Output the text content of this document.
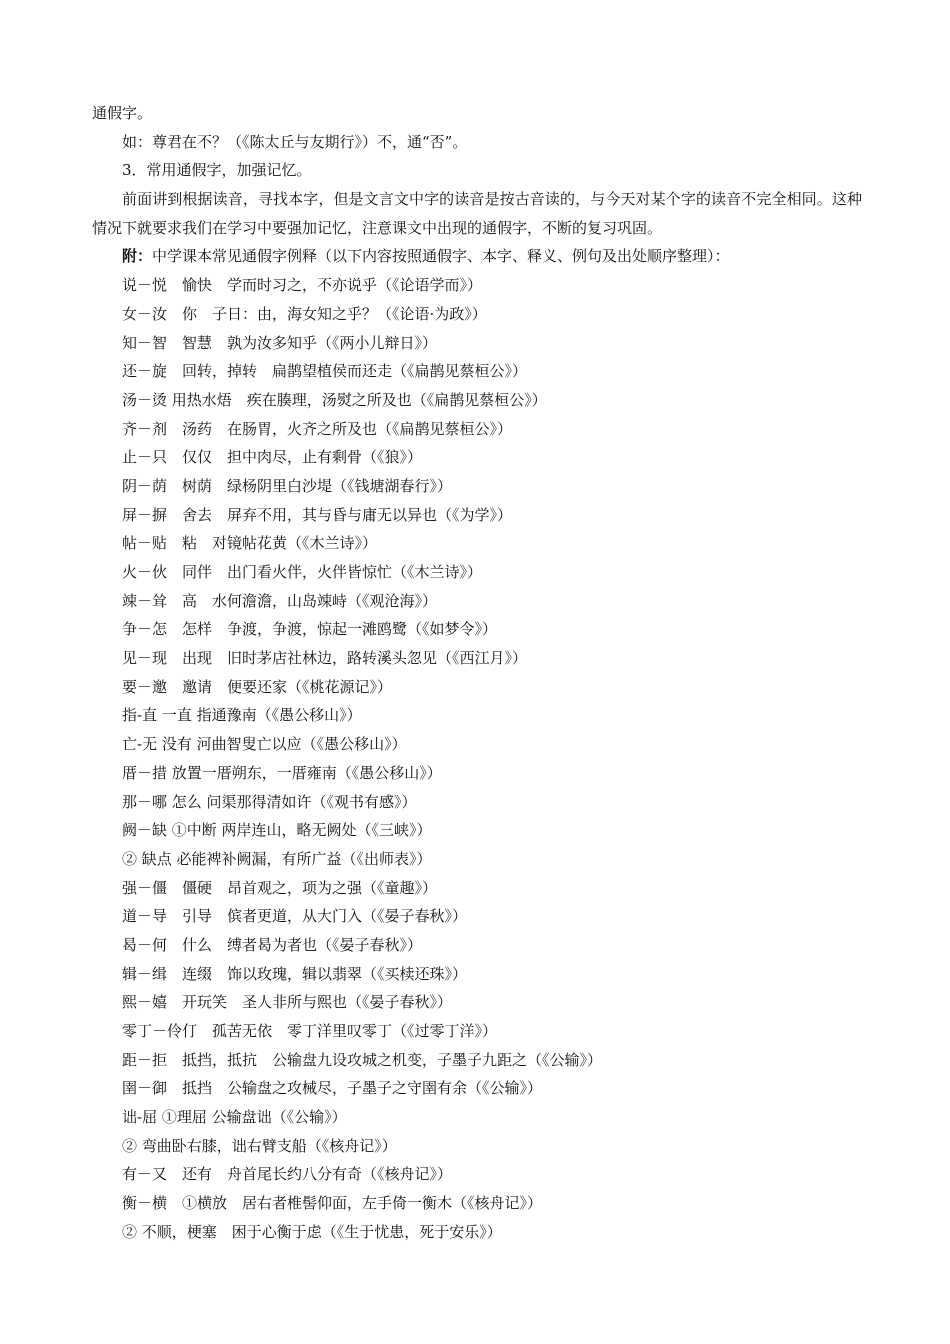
通假字。
如：尊君在不？（《陈太丘与友期行》）不，通“否”。
3．常用通假字，加强记忆。
前面讲到根据读音，寻找本字，但是文言文中字的读音是按古音读的，与今天对某个字的读音不完全相同。这种情况下就要求我们在学习中要强加记忆，注意课文中出现的通假字，不断的复习巩固。
附：中学课本常见通假字例释（以下内容按照通假字、本字、释义、例句及出处顺序整理）：
说－悦　愉快　学而时习之，不亦说乎（《论语学而》）
女－汝　你　子日：由，海女知之乎？（《论语·为政》）
知－智　智慧　孰为汝多知乎（《两小儿辩日》）
还－旋　回转，掉转　扁鹊望植侯而还走（《扁鹊见蔡桓公》）
汤－烫 用热水焐　疾在腠理，汤熨之所及也（《扁鹊见蔡桓公》）
齐－剂　汤药　在肠胃，火齐之所及也（《扁鹊见蔡桓公》）
止－只　仅仅　担中肉尽，止有剩骨（《狼》）
阴－荫　树荫　绿杨阴里白沙堤（《钱塘湖春行》）
屏－摒　舍去　屏弃不用，其与昏与庸无以异也（《为学》）
帖－贴　粘　对镜帖花黄（《木兰诗》）
火－伙　同伴　出门看火伴，火伴皆惊忙（《木兰诗》）
竦－耸　高　水何澹澹，山岛竦峙（《观沧海》）
争－怎　怎样　争渡，争渡，惊起一滩鸥鹭（《如梦令》）
见－现　出现　旧时茅店社林边，路转溪头忽见（《西江月》）
要－邀　邀请　便要还家（《桃花源记》）
指-直 一直 指通豫南（《愚公移山》）
亡-无 没有 河曲智叟亡以应（《愚公移山》）
厝－措 放置一厝朔东，一厝雍南（《愚公移山》）
那－哪 怎么 问渠那得清如许（《观书有感》）
阙－缺 ①中断 两岸连山，略无阙处（《三峡》）
② 缺点 必能裨补阙漏，有所广益（《出师表》）
强－僵　僵硬　昂首观之，项为之强（《童趣》）
道－导　引导　傧者更道，从大门入（《晏子春秋》）
曷－何　什么　缚者曷为者也（《晏子春秋》）
辑－缉　连缀　饰以玫瑰，辑以翡翠（《买椟还珠》）
熙－嬉　开玩笑　圣人非所与熙也（《晏子春秋》）
零丁－伶仃　孤苦无依　零丁洋里叹零丁（《过零丁洋》）
距－拒　抵挡，抵抗　公输盘九设攻城之机变，子墨子九距之（《公输》）
圉－御　抵挡　公输盘之攻械尽，子墨子之守圉有余（《公输》）
诎-屈 ①理屈 公输盘诎（《公输》）
② 弯曲卧右膝，诎右臂支船（《核舟记》）
有－又　还有　舟首尾长约八分有奇（《核舟记》）
衡－横　①横放　居右者椎髻仰面，左手倚一衡木（《核舟记》）
② 不顺，梗塞　困于心衡于虑（《生于忧患，死于安乐》）
